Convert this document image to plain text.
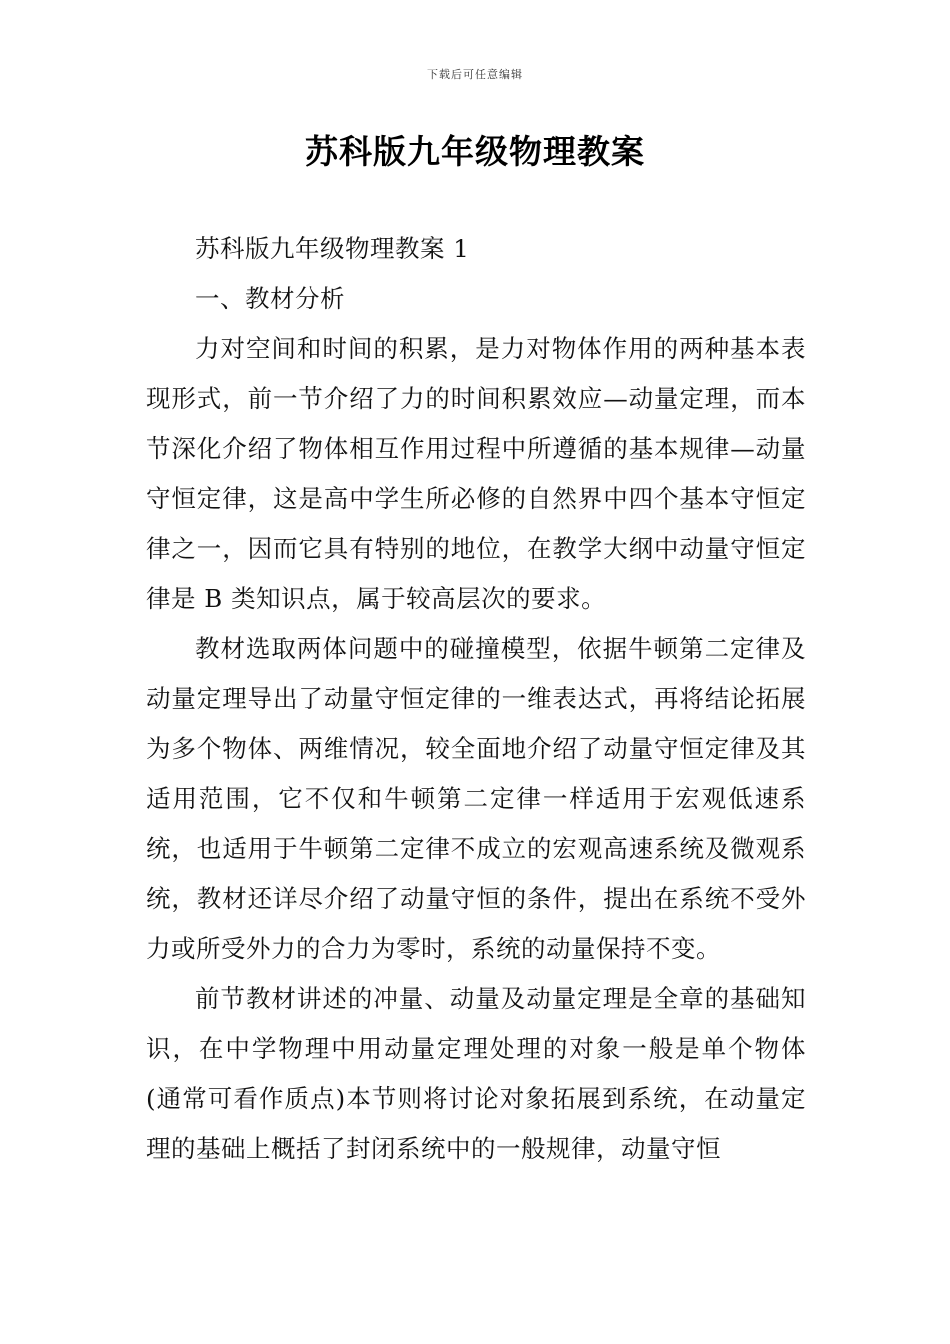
下载后可任意编辑
苏科版九年级物理教案

苏科版九年级物理教案 1

一、教材分析

力对空间和时间的积累，是力对物体作用的两种基本表现形式，前一节介绍了力的时间积累效应—动量定理，而本节深化介绍了物体相互作用过程中所遵循的基本规律—动量守恒定律，这是高中学生所必修的自然界中四个基本守恒定律之一，因而它具有特别的地位，在教学大纲中动量守恒定律是 B 类知识点，属于较高层次的要求。

教材选取两体问题中的碰撞模型，依据牛顿第二定律及动量定理导出了动量守恒定律的一维表达式，再将结论拓展为多个物体、两维情况，较全面地介绍了动量守恒定律及其适用范围，它不仅和牛顿第二定律一样适用于宏观低速系统，也适用于牛顿第二定律不成立的宏观高速系统及微观系统，教材还详尽介绍了动量守恒的条件，提出在系统不受外力或所受外力的合力为零时，系统的动量保持不变。

前节教材讲述的冲量、动量及动量定理是全章的基础知识，在中学物理中用动量定理处理的对象一般是单个物体(通常可看作质点)本节则将讨论对象拓展到系统，在动量定理的基础上概括了封闭系统中的一般规律，动量守恒
